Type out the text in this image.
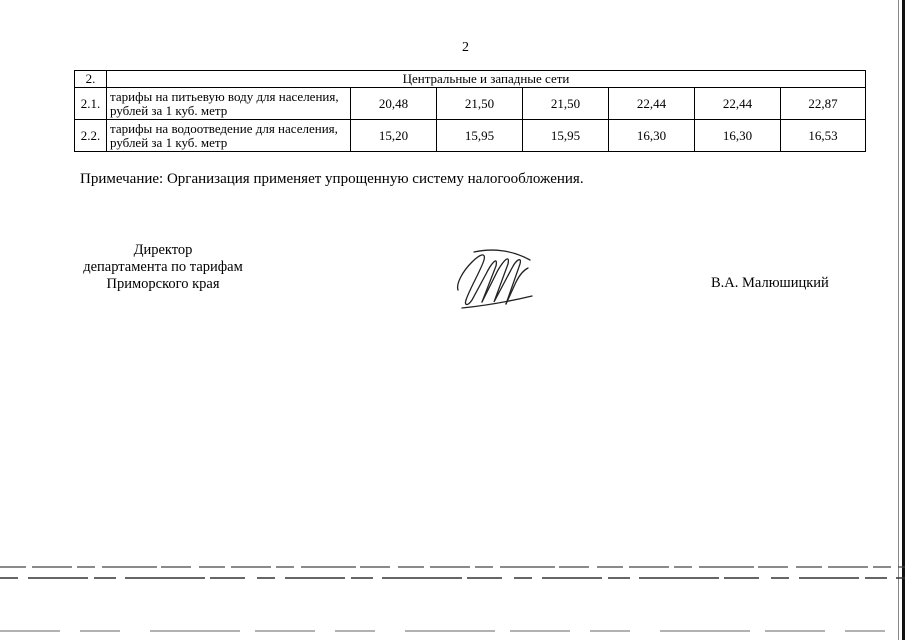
2
2.	Центральные и западные сети						
2.1.	тарифы на питьевую воду для населения, рублей за 1 куб. метр	20,48	21,50	21,50	22,44	22,44	22,87
2.2.	тарифы на водоотведение для населения, рублей за 1 куб. метр	15,20	15,95	15,95	16,30	16,30	16,53
Примечание: Организация применяет упрощенную систему налогообложения.
Директор
департамента по тарифам
Приморского края	В.А. Малюшицкий
